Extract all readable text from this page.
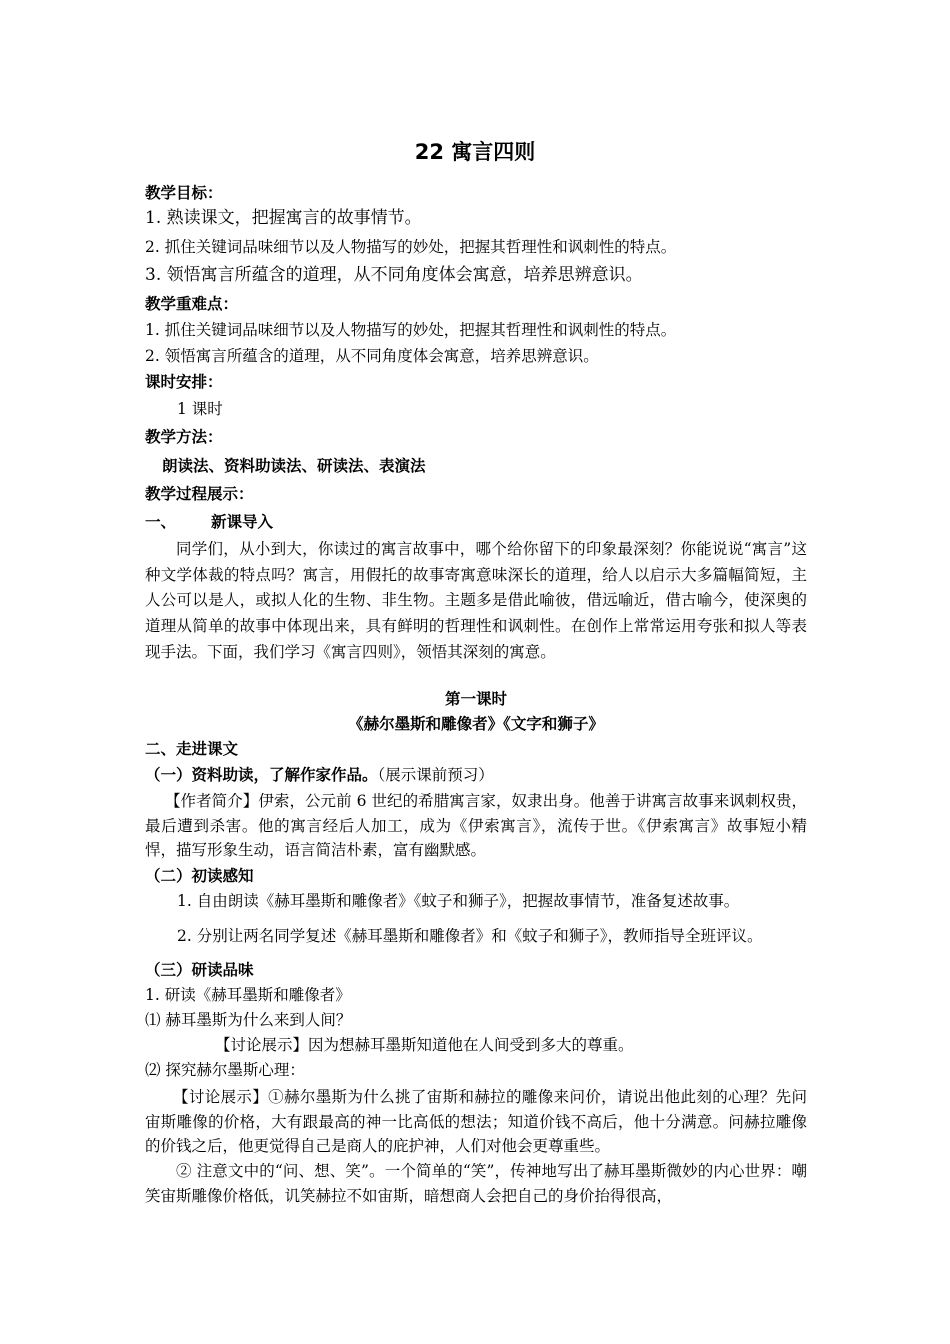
22 寓言四则
教学目标：
1. 熟读课文，把握寓言的故事情节。
2. 抓住关键词品味细节以及人物描写的妙处，把握其哲理性和讽刺性的特点。
3. 领悟寓言所蕴含的道理，从不同角度体会寓意，培养思辨意识。
教学重难点：
1. 抓住关键词品味细节以及人物描写的妙处，把握其哲理性和讽刺性的特点。
2. 领悟寓言所蕴含的道理，从不同角度体会寓意，培养思辨意识。
课时安排：
1 课时
教学方法：
朗读法、资料助读法、研读法、表演法
教学过程展示：
一、 新课导入
同学们，从小到大，你读过的寓言故事中，哪个给你留下的印象最深刻？你能说说“寓言”这种文学体裁的特点吗？寓言，用假托的故事寄寓意味深长的道理，给人以启示大多篇幅简短，主人公可以是人，或拟人化的生物、非生物。主题多是借此喻彼，借远喻近，借古喻今，使深奥的道理从简单的故事中体现出来，具有鲜明的哲理性和讽刺性。在创作上常常运用夸张和拟人等表现手法。下面，我们学习《寓言四则》，领悟其深刻的寓意。
第一课时
《赫尔墨斯和雕像者》《文字和狮子》
二、走进课文
（一）资料助读，了解作家作品。（展示课前预习）
【作者简介】伊索，公元前 6 世纪的希腊寓言家，奴隶出身。他善于讲寓言故事来讽刺权贵，最后遭到杀害。他的寓言经后人加工，成为《伊索寓言》，流传于世。《伊索寓言》故事短小精悍，描写形象生动，语言简洁朴素，富有幽默感。
（二）初读感知
1. 自由朗读《赫耳墨斯和雕像者》《蚊子和狮子》，把握故事情节，准备复述故事。
2. 分别让两名同学复述《赫耳墨斯和雕像者》和《蚊子和狮子》，教师指导全班评议。
（三）研读品味
1. 研读《赫耳墨斯和雕像者》
⑴ 赫耳墨斯为什么来到人间？
【讨论展示】因为想赫耳墨斯知道他在人间受到多大的尊重。
⑵ 探究赫尔墨斯心理：
【讨论展示】①赫尔墨斯为什么挑了宙斯和赫拉的雕像来问价，请说出他此刻的心理？先问宙斯雕像的价格，大有跟最高的神一比高低的想法；知道价钱不高后，他十分满意。问赫拉雕像的价钱之后，他更觉得自己是商人的庇护神，人们对他会更尊重些。
② 注意文中的“问、想、笑”。一个简单的“笑”，传神地写出了赫耳墨斯微妙的内心世界：嘲笑宙斯雕像价格低，讥笑赫拉不如宙斯，暗想商人会把自己的身价抬得很高，
